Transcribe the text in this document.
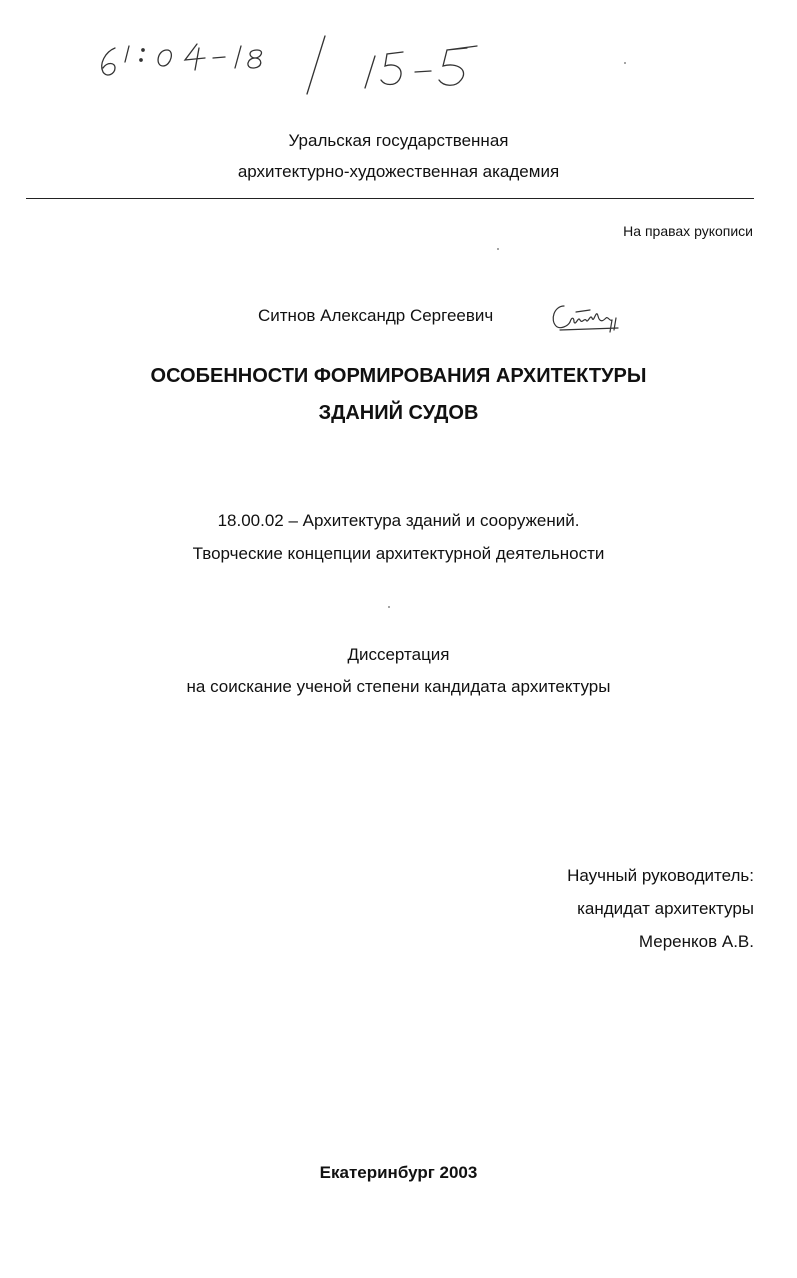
Уральская государственная
архитектурно-художественная академия
На правах рукописи
Ситнов Александр Сергеевич
ОСОБЕННОСТИ ФОРМИРОВАНИЯ АРХИТЕКТУРЫ
ЗДАНИЙ СУДОВ
18.00.02 – Архитектура зданий и сооружений.
Творческие концепции архитектурной деятельности
Диссертация
на соискание ученой степени кандидата архитектуры
Научный руководитель:
кандидат архитектуры
Меренков А.В.
Екатеринбург 2003
